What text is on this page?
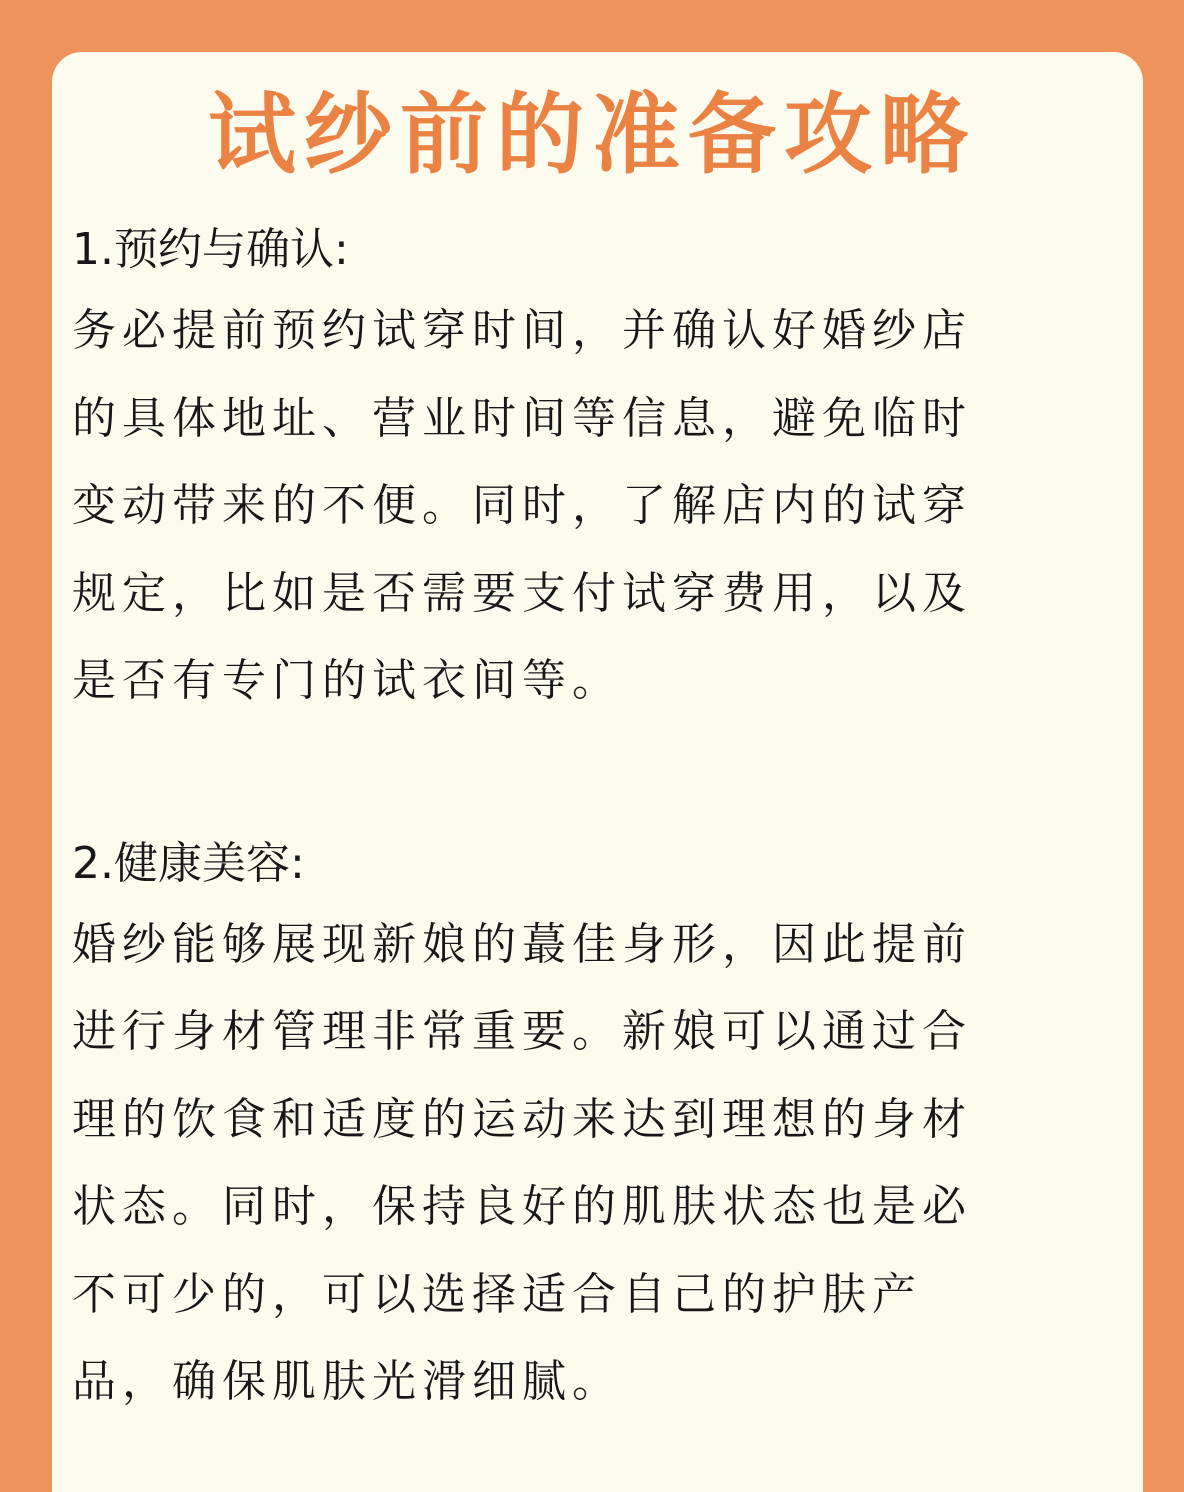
试纱前的准备攻略
1.预约与确认:
务必提前预约试穿时间，并确认好婚纱店
的具体地址、营业时间等信息，避免临时
变动带来的不便。同时，了解店内的试穿
规定，比如是否需要支付试穿费用，以及
是否有专门的试衣间等。
2.健康美容:
婚纱能够展现新娘的蕞佳身形，因此提前
进行身材管理非常重要。新娘可以通过合
理的饮食和适度的运动来达到理想的身材
状态。同时，保持良好的肌肤状态也是必
不可少的，可以选择适合自己的护肤产
品，确保肌肤光滑细腻。
